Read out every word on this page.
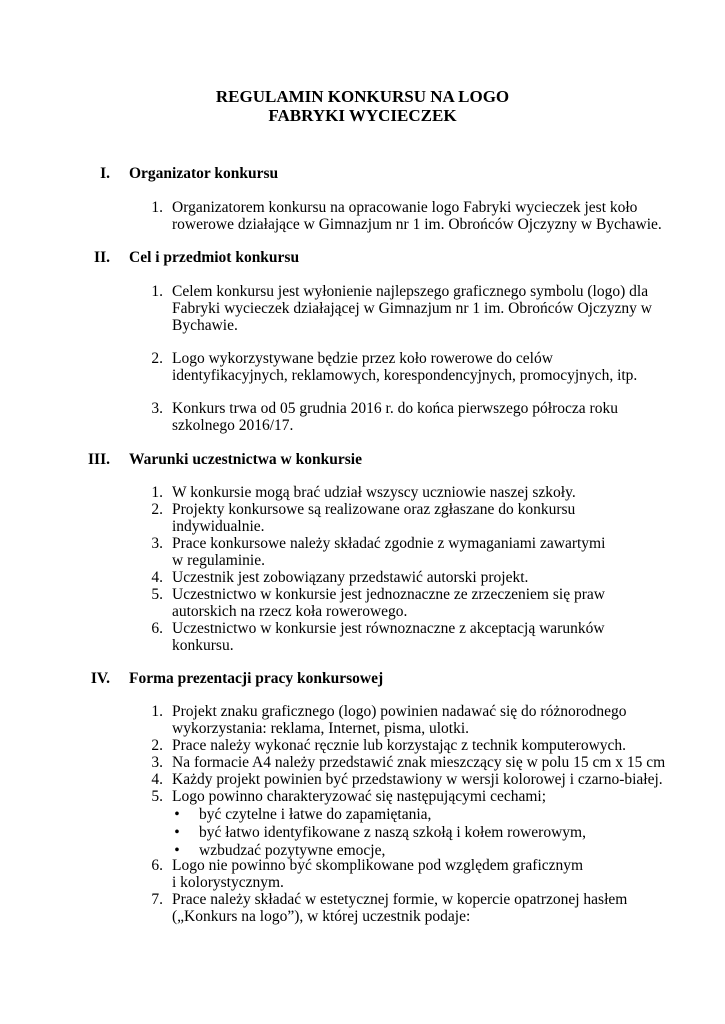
REGULAMIN KONKURSU NA LOGO
FABRYKI WYCIECZEK
I. Organizator konkursu
1. Organizatorem konkursu na opracowanie logo Fabryki wycieczek jest koło
rowerowe działające w Gimnazjum nr 1 im. Obrońców Ojczyzny w Bychawie.
II. Cel i przedmiot konkursu
1. Celem konkursu jest wyłonienie najlepszego graficznego symbolu (logo) dla
Fabryki wycieczek działającej w Gimnazjum nr 1 im. Obrońców Ojczyzny w
Bychawie.
2. Logo wykorzystywane będzie przez koło rowerowe do celów
identyfikacyjnych, reklamowych, korespondencyjnych, promocyjnych, itp.
3. Konkurs trwa od 05 grudnia 2016 r. do końca pierwszego półrocza roku
szkolnego 2016/17.
III. Warunki uczestnictwa w konkursie
1. W konkursie mogą brać udział wszyscy uczniowie naszej szkoły.
2. Projekty konkursowe są realizowane oraz zgłaszane do konkursu
indywidualnie.
3. Prace konkursowe należy składać zgodnie z wymaganiami zawartymi
w regulaminie.
4. Uczestnik jest zobowiązany przedstawić autorski projekt.
5. Uczestnictwo w konkursie jest jednoznaczne ze zrzeczeniem się praw
autorskich na rzecz koła rowerowego.
6. Uczestnictwo w konkursie jest równoznaczne z akceptacją warunków
konkursu.
IV. Forma prezentacji pracy konkursowej
1. Projekt znaku graficznego (logo) powinien nadawać się do różnorodnego
wykorzystania: reklama, Internet, pisma, ulotki.
2. Prace należy wykonać ręcznie lub korzystając z technik komputerowych.
3. Na formacie A4 należy przedstawić znak mieszczący się w polu 15 cm x 15 cm
4. Każdy projekt powinien być przedstawiony w wersji kolorowej i czarno-białej.
5. Logo powinno charakteryzować się następującymi cechami;
• być czytelne i łatwe do zapamiętania,
• być łatwo identyfikowane z naszą szkołą i kołem rowerowym,
• wzbudzać pozytywne emocje,
6. Logo nie powinno być skomplikowane pod względem graficznym
i kolorystycznym.
7. Prace należy składać w estetycznej formie, w kopercie opatrzonej hasłem
(„Konkurs na logo”), w której uczestnik podaje:
